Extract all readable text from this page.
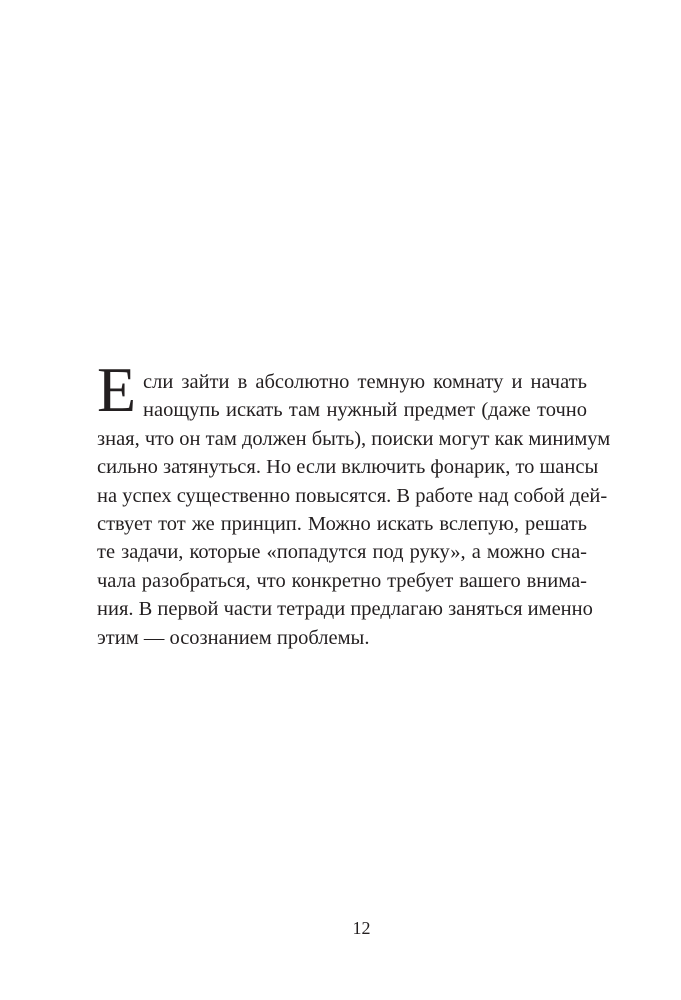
Е сли зайти в абсолютно темную комнату и начать
наощупь искать там нужный предмет (даже точно
зная, что он там должен быть), поиски могут как минимум
сильно затянуться. Но если включить фонарик, то шансы
на успех существенно повысятся. В работе над собой дей-
ствует тот же принцип. Можно искать вслепую, решать
те задачи, которые «попадутся под руку», а можно сна-
чала разобраться, что конкретно требует вашего внима-
ния. В первой части тетради предлагаю заняться именно
этим — осознанием проблемы.
12
